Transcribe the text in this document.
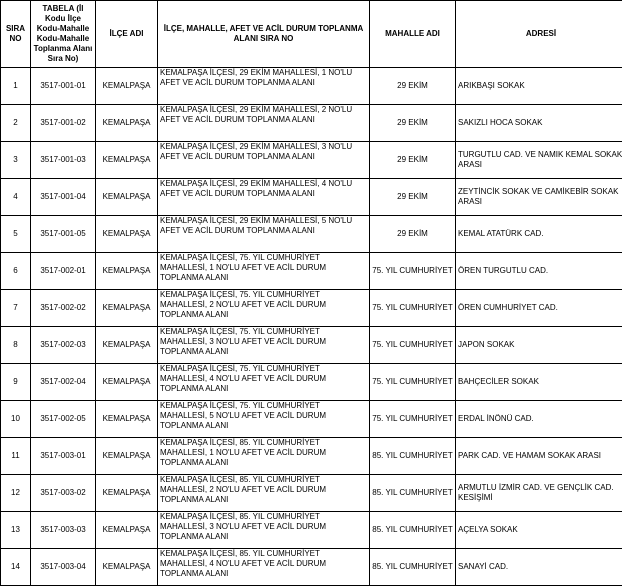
SIRA NO	TABELA (İl Kodu İlçe Kodu-Mahalle Kodu-Mahalle Toplanma Alanı Sıra No)	İLÇE ADI	İLÇE, MAHALLE, AFET VE ACİL DURUM TOPLANMA ALANI SIRA NO	MAHALLE ADI	ADRESİ
1	3517-001-01	KEMALPAŞA	KEMALPAŞA İLÇESİ, 29 EKİM MAHALLESİ, 1 NO'LU AFET VE ACİL DURUM TOPLANMA ALANI	29 EKİM	ARIKBAŞI SOKAK
2	3517-001-02	KEMALPAŞA	KEMALPAŞA İLÇESİ, 29 EKİM MAHALLESİ, 2 NO'LU AFET VE ACİL DURUM TOPLANMA ALANI	29 EKİM	SAKIZLI HOCA SOKAK
3	3517-001-03	KEMALPAŞA	KEMALPAŞA İLÇESİ, 29 EKİM MAHALLESİ, 3 NO'LU AFET VE ACİL DURUM TOPLANMA ALANI	29 EKİM	TURGUTLU CAD. VE NAMIK KEMAL SOKAK ARASI
4	3517-001-04	KEMALPAŞA	KEMALPAŞA İLÇESİ, 29 EKİM MAHALLESİ, 4 NO'LU AFET VE ACİL DURUM TOPLANMA ALANI	29 EKİM	ZEYTİNCİK SOKAK VE CAMİKEBİR SOKAK ARASI
5	3517-001-05	KEMALPAŞA	KEMALPAŞA İLÇESİ, 29 EKİM MAHALLESİ, 5 NO'LU AFET VE ACİL DURUM TOPLANMA ALANI	29 EKİM	KEMAL ATATÜRK CAD.
6	3517-002-01	KEMALPAŞA	KEMALPAŞA İLÇESİ, 75. YIL CUMHURİYET MAHALLESİ, 1 NO'LU AFET VE ACİL DURUM TOPLANMA ALANI	75. YIL CUMHURİYET	ÖREN TURGUTLU CAD.
7	3517-002-02	KEMALPAŞA	KEMALPAŞA İLÇESİ, 75. YIL CUMHURİYET MAHALLESİ, 2 NO'LU AFET VE ACİL DURUM TOPLANMA ALANI	75. YIL CUMHURİYET	ÖREN CUMHURİYET CAD.
8	3517-002-03	KEMALPAŞA	KEMALPAŞA İLÇESİ, 75. YIL CUMHURİYET MAHALLESİ, 3 NO'LU AFET VE ACİL DURUM TOPLANMA ALANI	75. YIL CUMHURİYET	JAPON SOKAK
9	3517-002-04	KEMALPAŞA	KEMALPAŞA İLÇESİ, 75. YIL CUMHURİYET MAHALLESİ, 4 NO'LU AFET VE ACİL DURUM TOPLANMA ALANI	75. YIL CUMHURİYET	BAHÇECİLER SOKAK
10	3517-002-05	KEMALPAŞA	KEMALPAŞA İLÇESİ, 75. YIL CUMHURİYET MAHALLESİ, 5 NO'LU AFET VE ACİL DURUM TOPLANMA ALANI	75. YIL CUMHURİYET	ERDAL İNÖNÜ CAD.
11	3517-003-01	KEMALPAŞA	KEMALPAŞA İLÇESİ, 85. YIL CUMHURİYET MAHALLESİ, 1 NO'LU AFET VE ACİL DURUM TOPLANMA ALANI	85. YIL CUMHURİYET	PARK CAD. VE HAMAM SOKAK ARASI
12	3517-003-02	KEMALPAŞA	KEMALPAŞA İLÇESİ, 85. YIL CUMHURİYET MAHALLESİ, 2 NO'LU AFET VE ACİL DURUM TOPLANMA ALANI	85. YIL CUMHURİYET	ARMUTLU İZMİR CAD. VE GENÇLİK CAD. KESİŞİMİ
13	3517-003-03	KEMALPAŞA	KEMALPAŞA İLÇESİ, 85. YIL CUMHURİYET MAHALLESİ, 3 NO'LU AFET VE ACİL DURUM TOPLANMA ALANI	85. YIL CUMHURİYET	AÇELYA SOKAK
14	3517-003-04	KEMALPAŞA	KEMALPAŞA İLÇESİ, 85. YIL CUMHURİYET MAHALLESİ, 4 NO'LU AFET VE ACİL DURUM TOPLANMA ALANI	85. YIL CUMHURİYET	SANAYİ CAD.
